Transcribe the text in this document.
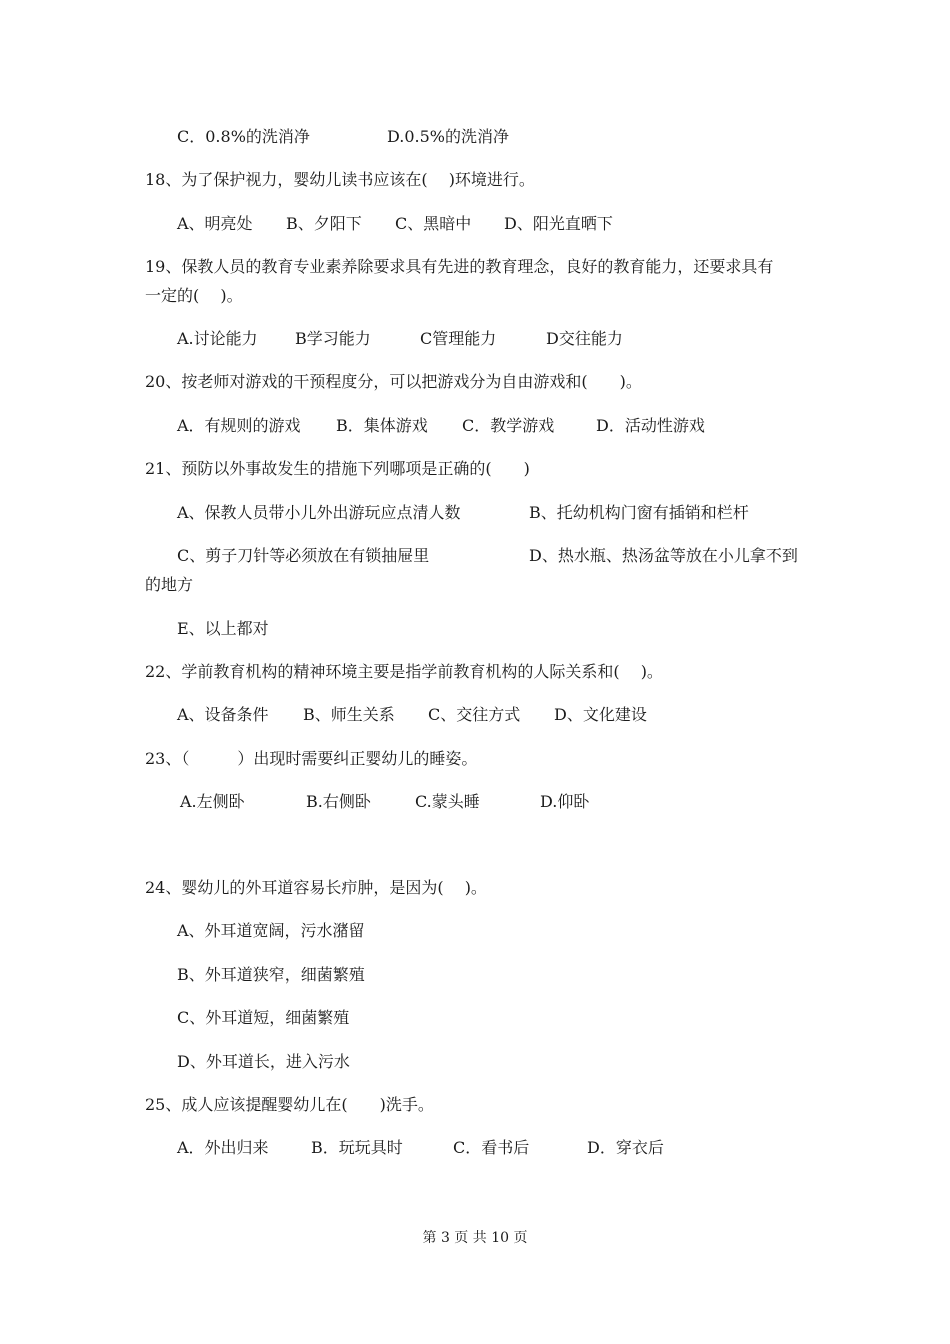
C．0.8%的洗消净	D.0.5%的洗消净
18、为了保护视力，婴幼儿读书应该在(　 )环境进行。
A、明亮处 B、夕阳下 C、黑暗中 D、阳光直晒下
19、保教人员的教育专业素养除要求具有先进的教育理念，良好的教育能力，还要求具有
一定的(　 )。
A.讨论能力 B学习能力	C管理能力	D交往能力
20、按老师对游戏的干预程度分，可以把游戏分为自由游戏和(　　)。
A．有规则的游戏 B．集体游戏 C．教学游戏	D．活动性游戏
21、预防以外事故发生的措施下列哪项是正确的(　　)
A、保教人员带小儿外出游玩应点清人数	B、托幼机构门窗有插销和栏杆
C、剪子刀针等必须放在有锁抽屉里	D、热水瓶、热汤盆等放在小儿拿不到
的地方
E、以上都对
22、学前教育机构的精神环境主要是指学前教育机构的人际关系和(　 )。
A、设备条件 B、师生关系 C、交往方式 D、文化建设
23、（　　　）出现时需要纠正婴幼儿的睡姿。
A.左侧卧	B.右侧卧	C.蒙头睡	D.仰卧
24、婴幼儿的外耳道容易长疖肿，是因为(　 )。
A、外耳道宽阔，污水潴留
B、外耳道狭窄，细菌繁殖
C、外耳道短，细菌繁殖
D、外耳道长，进入污水
25、成人应该提醒婴幼儿在(　　)洗手。
A．外出归来	B．玩玩具时	C．看书后	D．穿衣后
第 3 页 共 10 页
